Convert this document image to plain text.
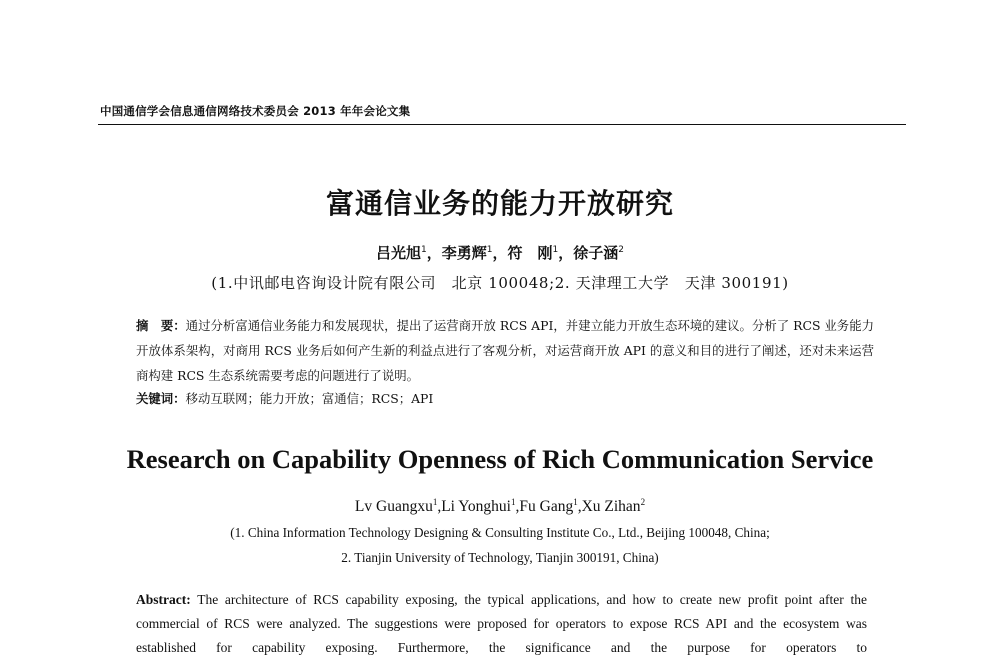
中国通信学会信息通信网络技术委员会 2013 年年会论文集
富通信业务的能力开放研究
吕光旭$^1$，李勇辉$^1$，符　刚$^1$，徐子涵$^2$
(1.中讯邮电咨询设计院有限公司　北京 100048;2. 天津理工大学　天津 300191)
摘　要：通过分析富通信业务能力和发展现状，提出了运营商开放 RCS API，并建立能力开放生态环境的建议。分析了 RCS 业务能力开放体系架构，对商用 RCS 业务后如何产生新的利益点进行了客观分析，对运营商开放 API 的意义和目的进行了阐述，还对未来运营商构建 RCS 生态系统需要考虑的问题进行了说明。
关键词：移动互联网；能力开放；富通信；RCS；API
Research on Capability Openness of Rich Communication Service
Lv Guangxu$^1$,Li Yonghui$^1$,Fu Gang$^1$,Xu Zihan$^2$
(1. China Information Technology Designing & Consulting Institute Co., Ltd., Beijing 100048, China;
2. Tianjin University of Technology, Tianjin 300191, China)
Abstract: The architecture of RCS capability exposing, the typical applications, and how to create new profit point after the commercial of RCS were analyzed. The suggestions were proposed for operators to expose RCS API and the ecosystem was established for capability exposing. Furthermore, the significance and the purpose for operators to
